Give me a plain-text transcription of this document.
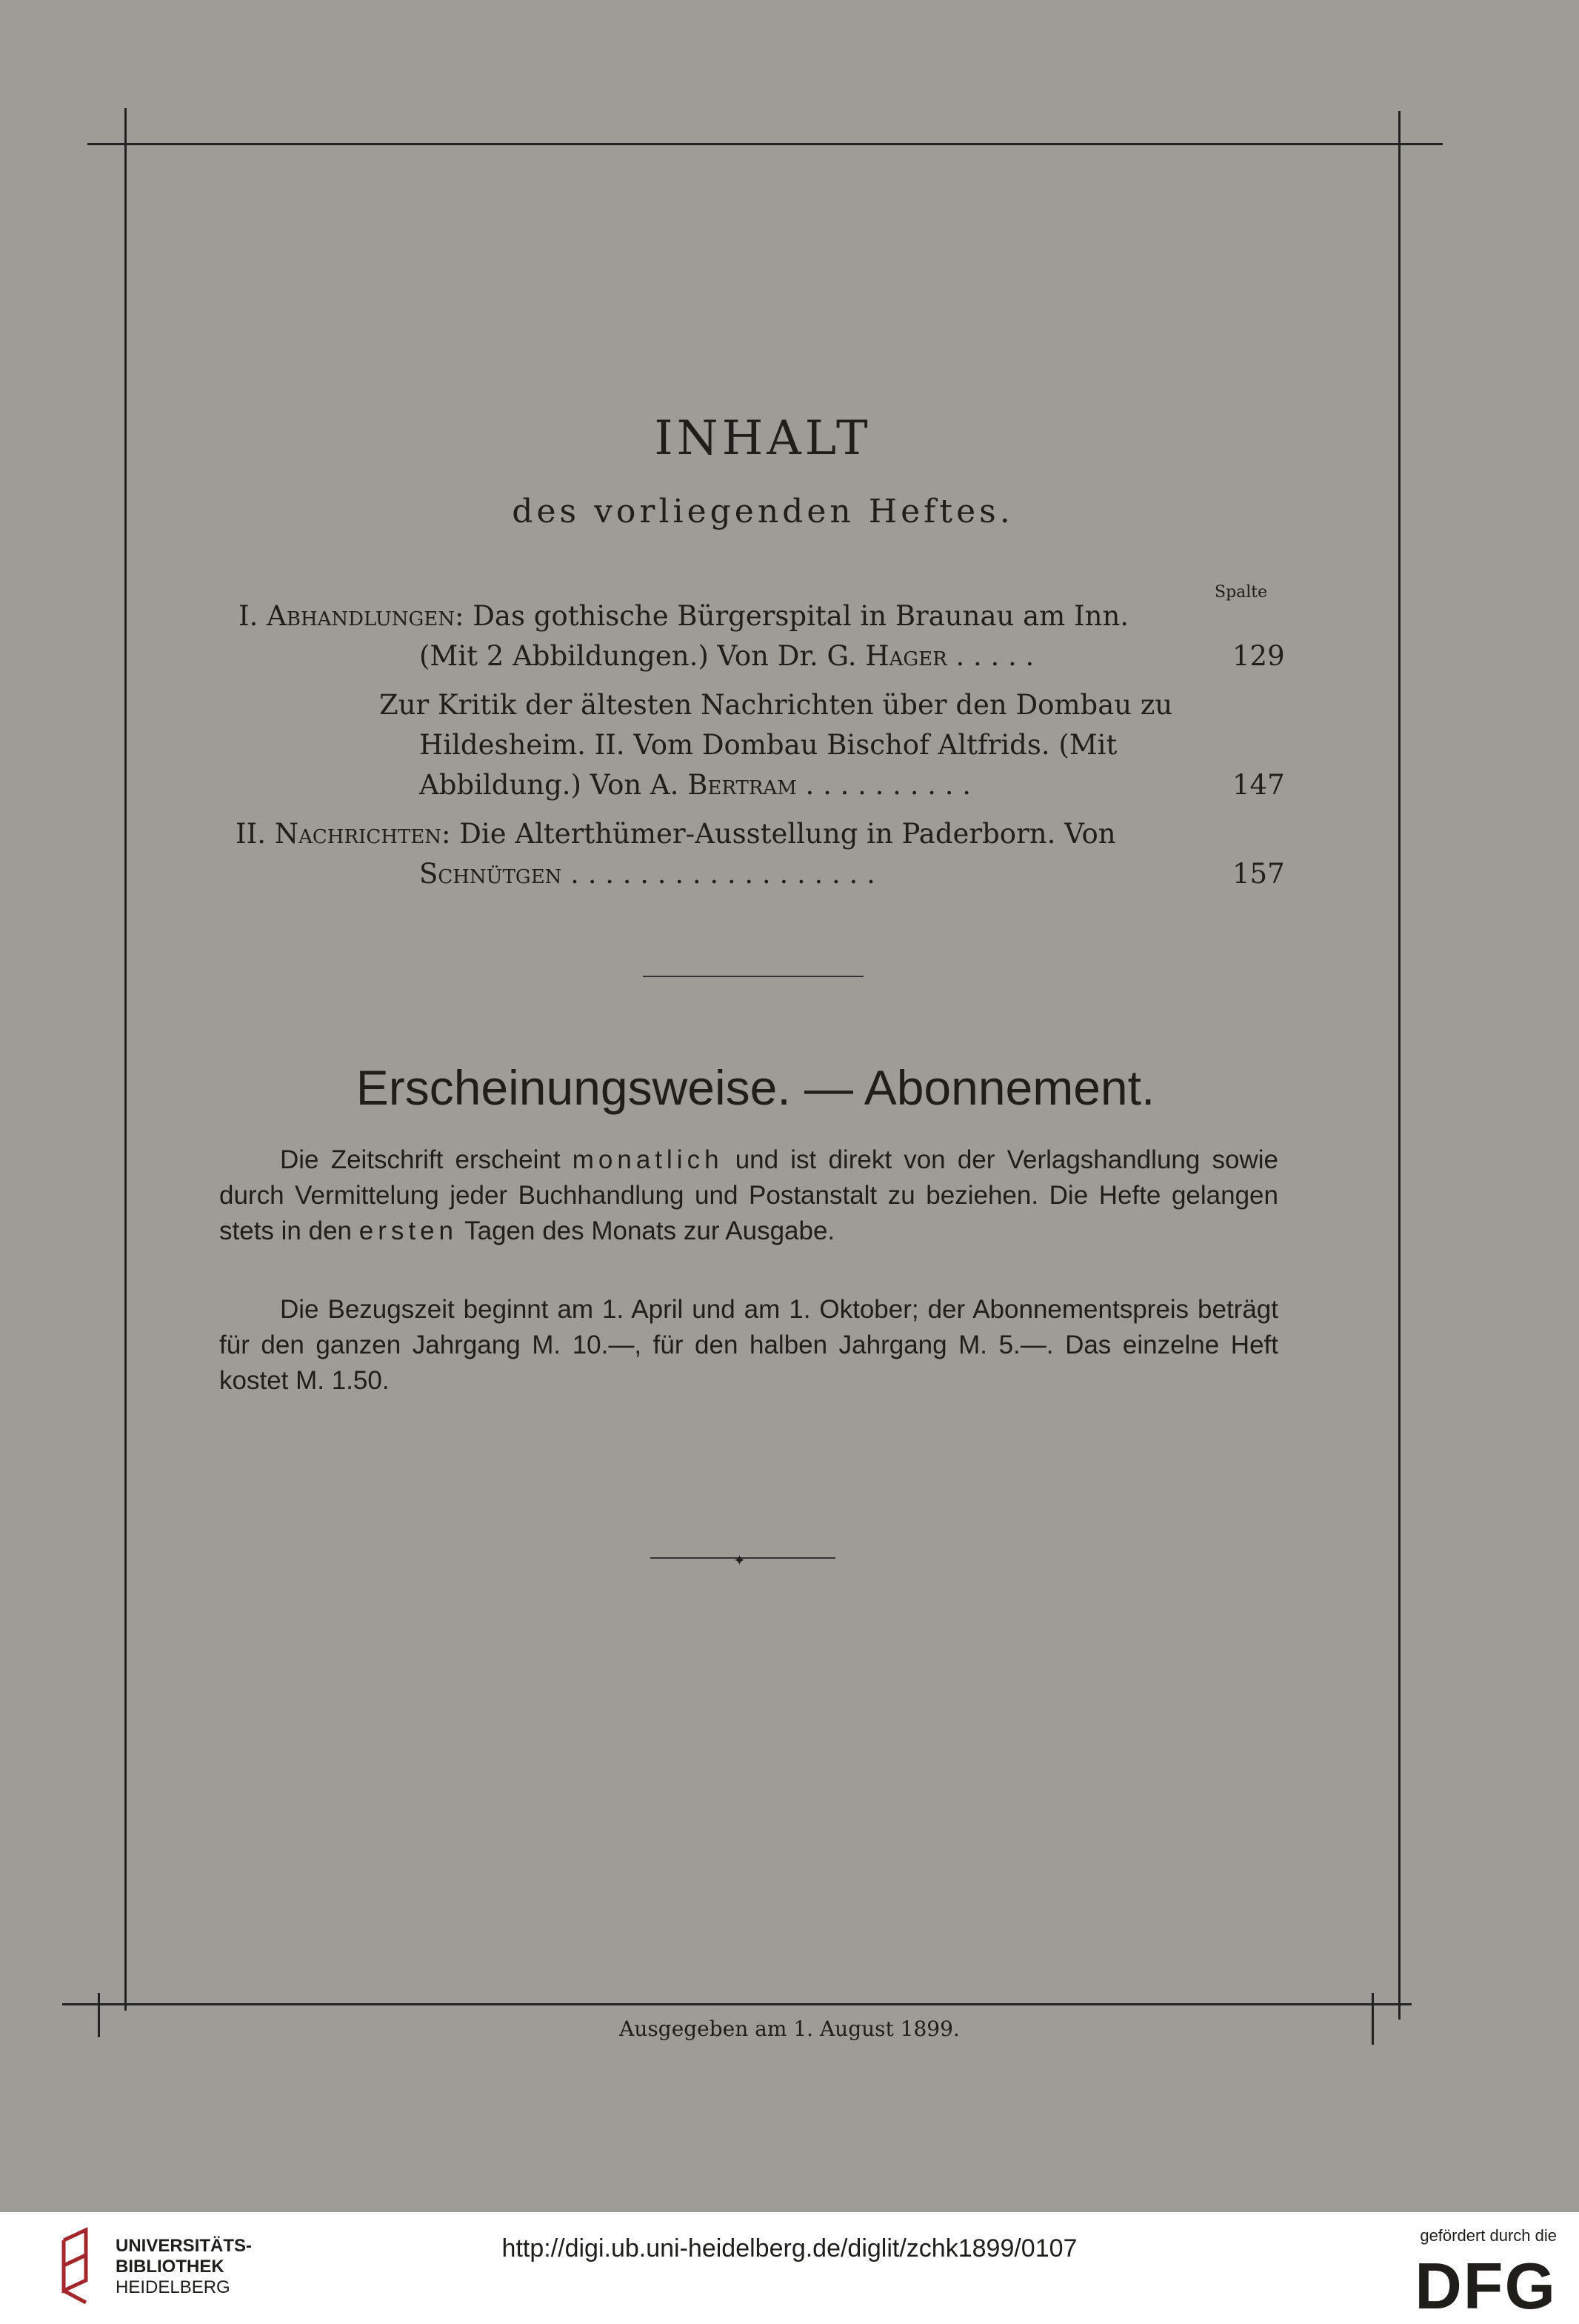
INHALT
des vorliegenden Heftes.
Spalte
I. Abhandlungen: Das gothische Bürgerspital in Braunau am Inn.
(Mit 2 Abbildungen.) Von Dr. G. Hager . . . . .	129
Zur Kritik der ältesten Nachrichten über den Dombau zu
Hildesheim. II. Vom Dombau Bischof Altfrids. (Mit
Abbildung.) Von A. Bertram . . . . . . . . . .	147
II. Nachrichten: Die Alterthümer-Ausstellung in Paderborn. Von
Schnütgen . . . . . . . . . . . . . . . . . .	157
Erscheinungsweise. — Abonnement.
Die Zeitschrift erscheint monatlich und ist direkt von der Verlagshandlung sowie durch Vermittelung jeder Buchhandlung und Postanstalt zu beziehen. Die Hefte gelangen stets in den ersten Tagen des Monats zur Ausgabe.
Die Bezugszeit beginnt am 1. April und am 1. Oktober; der Abonnementspreis beträgt für den ganzen Jahrgang M. 10.—, für den halben Jahrgang M. 5.—. Das einzelne Heft kostet M. 1.50.
✦
Ausgegeben am 1. August 1899.
UNIVERSITÄTS-
BIBLIOTHEK
HEIDELBERG
http://digi.ub.uni-heidelberg.de/diglit/zchk1899/0107	gefördert durch die
DFG
